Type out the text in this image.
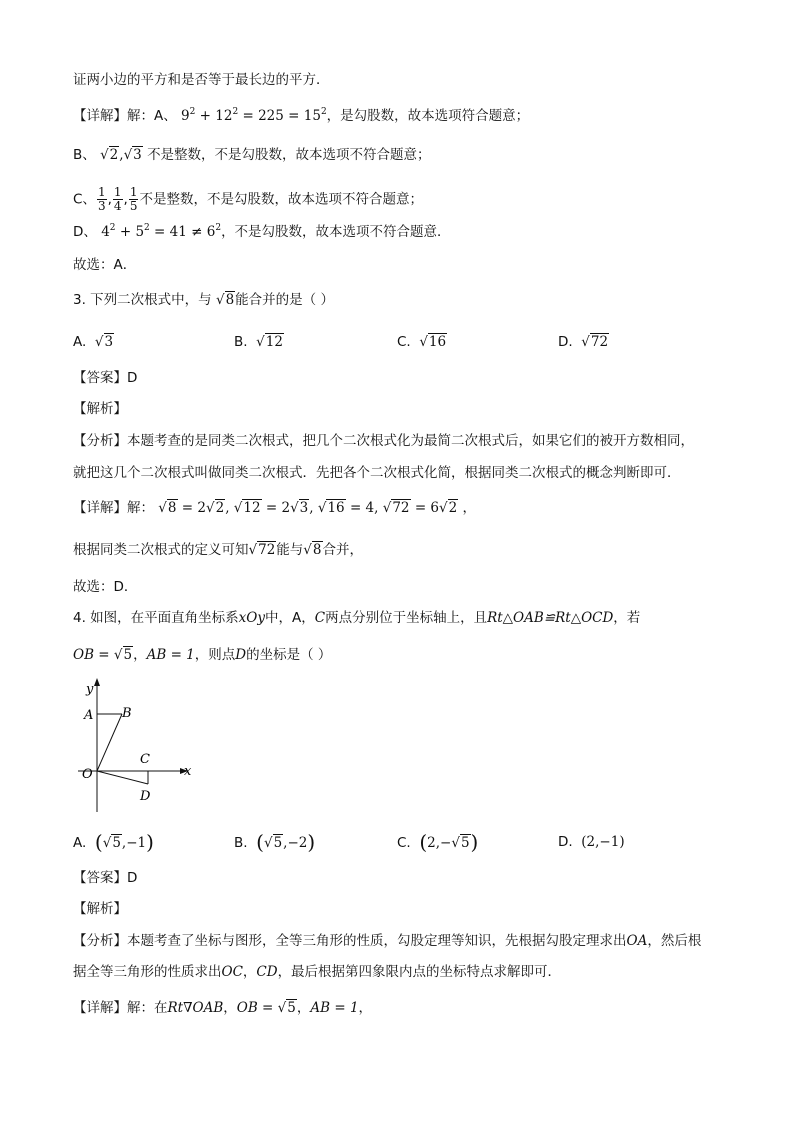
证两小边的平方和是否等于最长边的平方．
【详解】解：A、 $9^2 + 12^2 = 225 = 15^2$，是勾股数，故本选项符合题意；
B、 √2,√3 不是整数，不是勾股数，故本选项不符合题意；
C、 $\frac{1}{3}$ , $\frac{1}{4}$ , $\frac{1}{5}$ 不是整数，不是勾股数，故本选项不符合题意；
D、 $4^2 + 5^2 = 41 \ne 6^2$，不是勾股数，故本选项不符合题意．
故选：A．
3. 下列二次根式中，与 √8能合并的是（ ）
A. √3	B. √12	C. √16	D. √72
【答案】D
【解析】
【分析】本题考查的是同类二次根式，把几个二次根式化为最简二次根式后，如果它们的被开方数相同，
就把这几个二次根式叫做同类二次根式．先把各个二次根式化简，根据同类二次根式的概念判断即可．
【详解】解： √8 = 2√2, √12 = 2√3, √16 = 4, √72 = 6√2 ，
根据同类二次根式的定义可知√72能与√8合并，
故选：D．
4. 如图，在平面直角坐标系xOy中，A，C两点分别位于坐标轴上，且Rt△OAB≌Rt△OCD，若
OB = √5，AB = 1，则点D的坐标是（ ）
y
x
A B
C
D
O
A. (√5,−1)	B. (√5,−2)	C. (2,−√5)	D. (2,−1)
【答案】D
【解析】
【分析】本题考查了坐标与图形，全等三角形的性质，勾股定理等知识，先根据勾股定理求出OA，然后根
据全等三角形的性质求出OC，CD，最后根据第四象限内点的坐标特点求解即可．
【详解】解：在Rt∇OAB，OB = √5，AB = 1，
